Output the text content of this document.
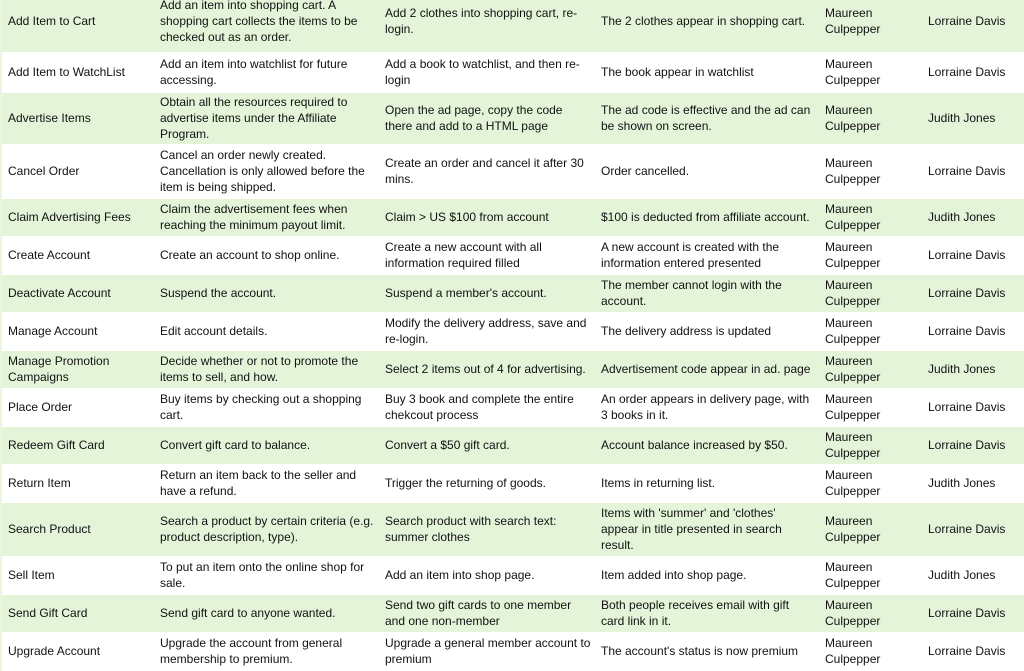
Add Item to Cart	Add an item into shopping cart. A shopping cart collects the items to be checked out as an order.	Add 2 clothes into shopping cart, re-login.	The 2 clothes appear in shopping cart.	Maureen Culpepper	Lorraine Davis
Add Item to WatchList	Add an item into watchlist for future accessing.	Add a book to watchlist, and then re-login	The book appear in watchlist	Maureen Culpepper	Lorraine Davis
Advertise Items	Obtain all the resources required to advertise items under the Affiliate Program.	Open the ad page, copy the code there and add to a HTML page	The ad code is effective and the ad can be shown on screen.	Maureen Culpepper	Judith Jones
Cancel Order	Cancel an order newly created. Cancellation is only allowed before the item is being shipped.	Create an order and cancel it after 30 mins.	Order cancelled.	Maureen Culpepper	Lorraine Davis
Claim Advertising Fees	Claim the advertisement fees when reaching the minimum payout limit.	Claim > US $100 from account	$100 is deducted from affiliate account.	Maureen Culpepper	Judith Jones
Create Account	Create an account to shop online.	Create a new account with all information required filled	A new account is created with the information entered presented	Maureen Culpepper	Lorraine Davis
Deactivate Account	Suspend the account.	Suspend a member's account.	The member cannot login with the account.	Maureen Culpepper	Lorraine Davis
Manage Account	Edit account details.	Modify the delivery address, save and re-login.	The delivery address is updated	Maureen Culpepper	Lorraine Davis
Manage Promotion Campaigns	Decide whether or not to promote the items to sell, and how.	Select 2 items out of 4 for advertising.	Advertisement code appear in ad. page	Maureen Culpepper	Judith Jones
Place Order	Buy items by checking out a shopping cart.	Buy 3 book and complete the entire chekcout process	An order appears in delivery page, with 3 books in it.	Maureen Culpepper	Lorraine Davis
Redeem Gift Card	Convert gift card to balance.	Convert a $50 gift card.	Account balance increased by $50.	Maureen Culpepper	Lorraine Davis
Return Item	Return an item back to the seller and have a refund.	Trigger the returning of goods.	Items in returning list.	Maureen Culpepper	Judith Jones
Search Product	Search a product by certain criteria (e.g. product description, type).	Search product with search text: summer clothes	Items with 'summer' and 'clothes' appear in title presented in search result.	Maureen Culpepper	Lorraine Davis
Sell Item	To put an item onto the online shop for sale.	Add an item into shop page.	Item added into shop page.	Maureen Culpepper	Judith Jones
Send Gift Card	Send gift card to anyone wanted.	Send two gift cards to one member and one non-member	Both people receives email with gift card link in it.	Maureen Culpepper	Lorraine Davis
Upgrade Account	Upgrade the account from general membership to premium.	Upgrade a general member account to premium	The account's status is now premium	Maureen Culpepper	Lorraine Davis
